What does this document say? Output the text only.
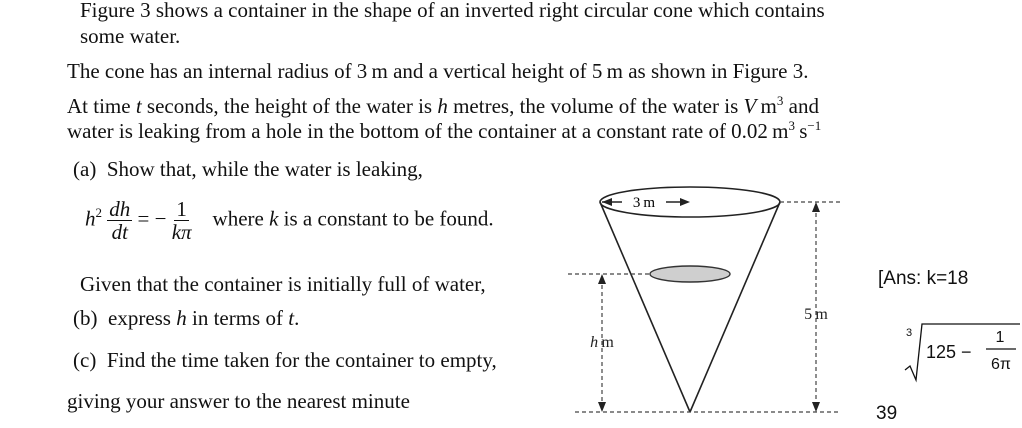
Figure 3 shows a container in the shape of an inverted right circular cone which contains
some water.
The cone has an internal radius of 3 m and a vertical height of 5 m as shown in Figure 3.
At time t seconds, the height of the water is h metres, the volume of the water is V $m^3$ and
water is leaking from a hole in the bottom of the container at a constant rate of 0.02 $m^3$ $s^{-1}$
(a) Show that, while the water is leaking,
$h^2 \frac{dh}{dt}$ = − $\frac{1}{k\pi}$ where k is a constant to be found.
Given that the container is initially full of water,
(b) express h in terms of t.
(c) Find the time taken for the container to empty,
giving your answer to the nearest minute
3 m
5 m
h m
[Ans: k=18
3
125 −
1
6π
39
